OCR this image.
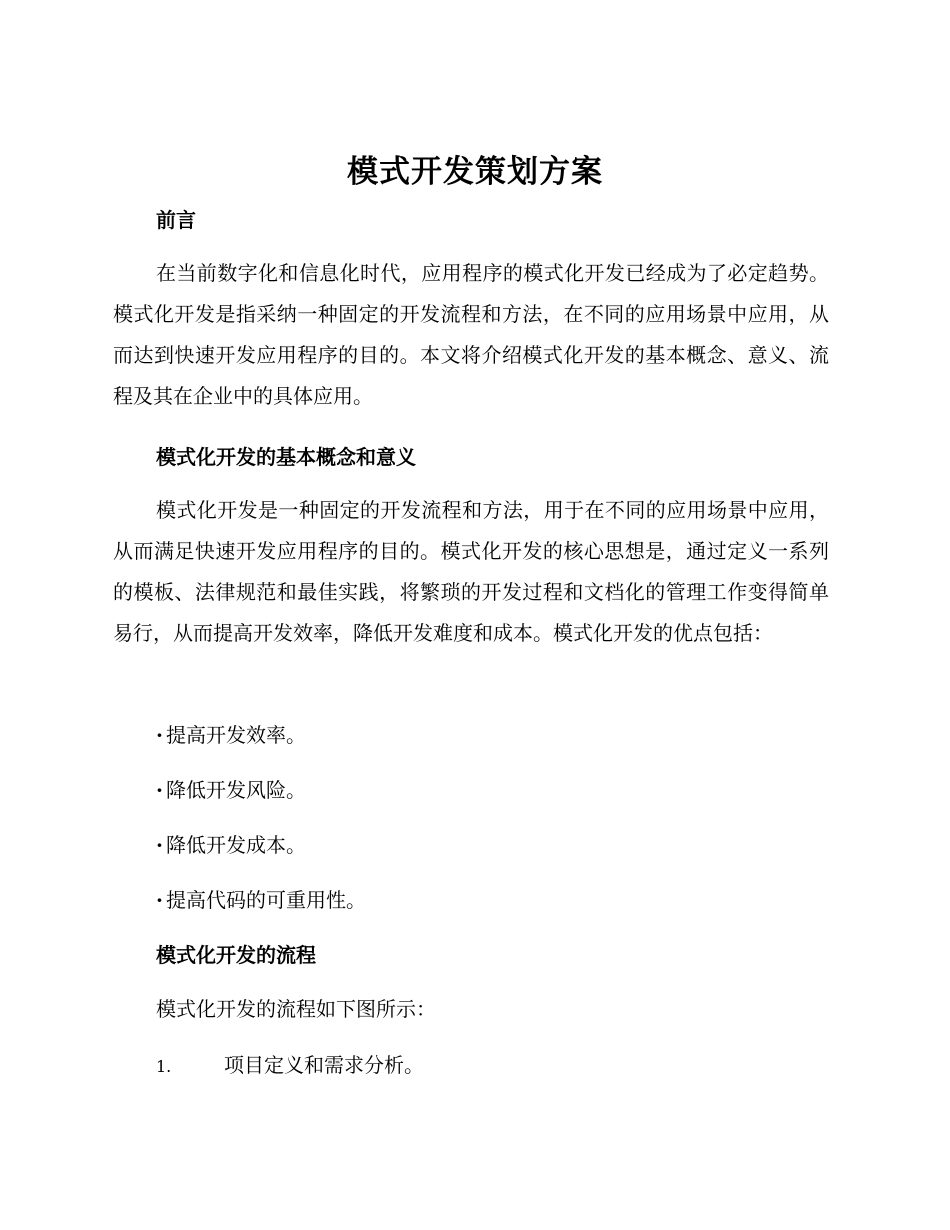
模式开发策划方案
前言
在当前数字化和信息化时代，应用程序的模式化开发已经成为了必定趋势。模式化开发是指采纳一种固定的开发流程和方法，在不同的应用场景中应用，从而达到快速开发应用程序的目的。本文将介绍模式化开发的基本概念、意义、流程及其在企业中的具体应用。
模式化开发的基本概念和意义
模式化开发是一种固定的开发流程和方法，用于在不同的应用场景中应用，从而满足快速开发应用程序的目的。模式化开发的核心思想是，通过定义一系列的模板、法律规范和最佳实践，将繁琐的开发过程和文档化的管理工作变得简单易行，从而提高开发效率，降低开发难度和成本。模式化开发的优点包括：
· 提高开发效率。
· 降低开发风险。
· 降低开发成本。
· 提高代码的可重用性。
模式化开发的流程
模式化开发的流程如下图所示：
1.	项目定义和需求分析。
